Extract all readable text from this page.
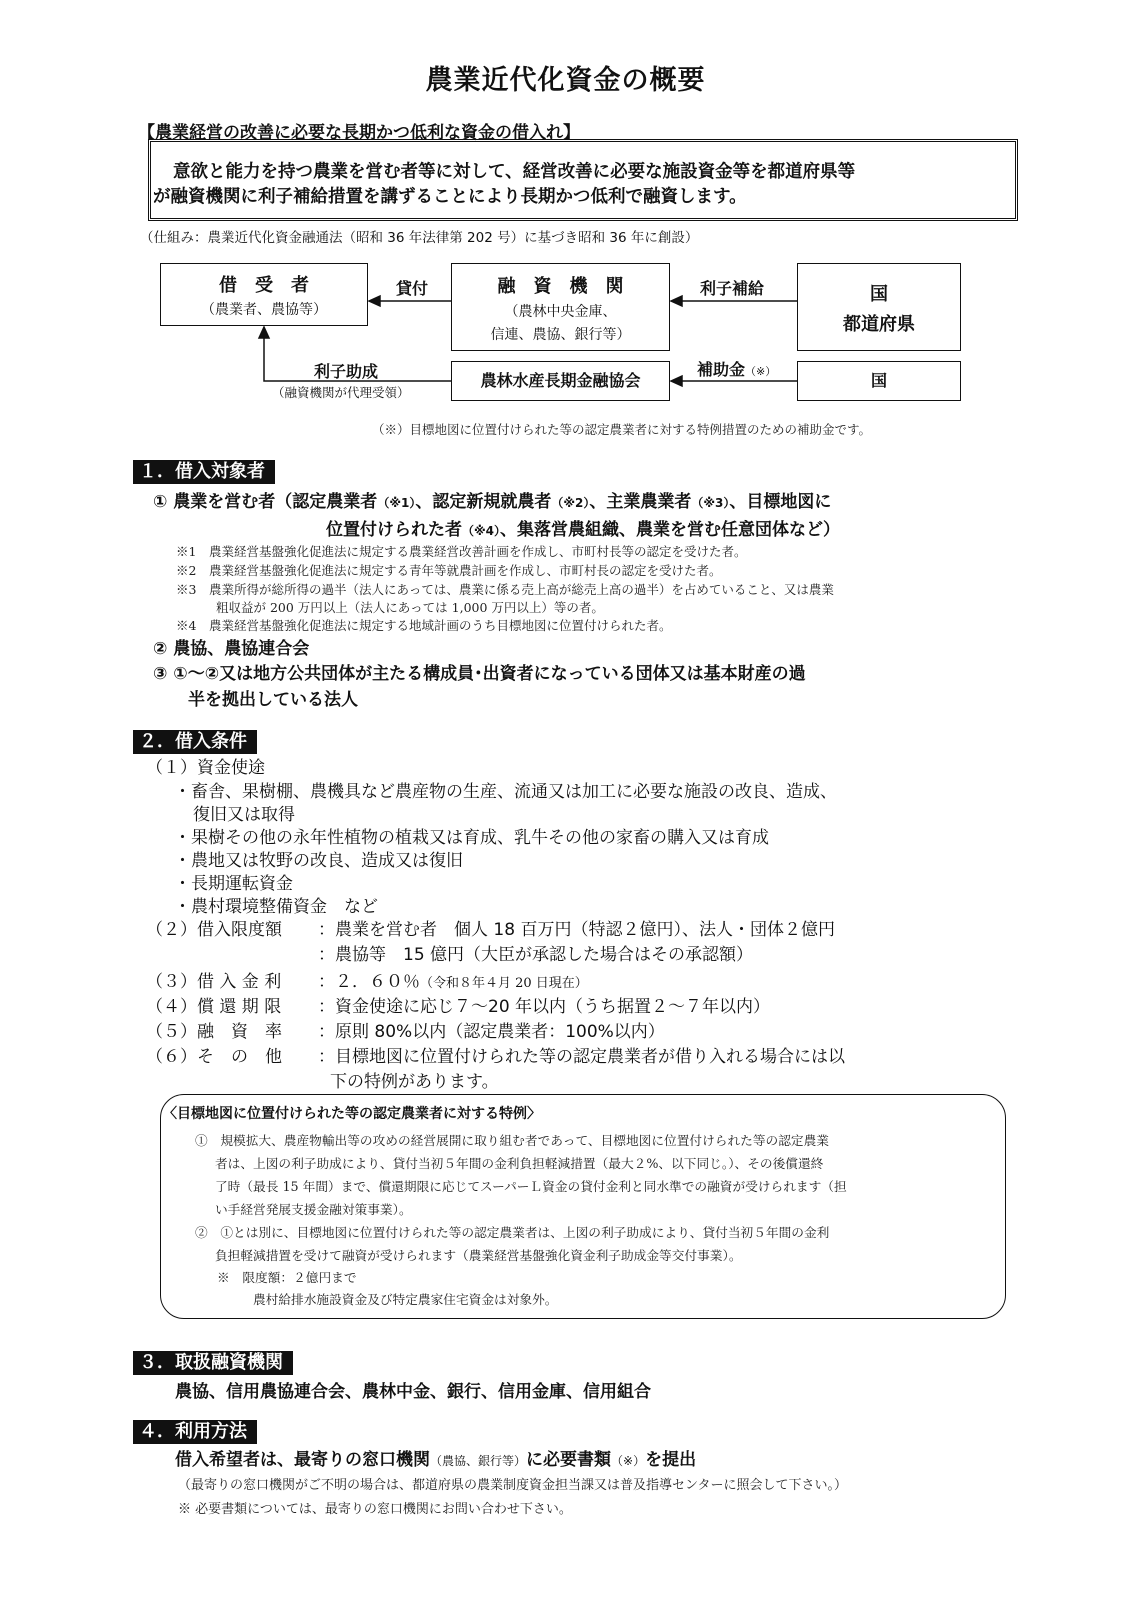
農業近代化資金の概要
【農業経営の改善に必要な長期かつ低利な資金の借入れ】
意欲と能力を持つ農業を営む者等に対して、経営改善に必要な施設資金等を都道府県等
が融資機関に利子補給措置を講ずることにより長期かつ低利で融資します。
（仕組み：農業近代化資金融通法（昭和 36 年法律第 202 号）に基づき昭和 36 年に創設）
借　受　者
（農業者、農協等）
融　資　機　関
（農林中央金庫、
信連、農協、銀行等）
国
都道府県
農林水産長期金融協会	国
貸付	利子補給
補助金（※）
利子助成
（融資機関が代理受領）
（※）目標地図に位置付けられた等の認定農業者に対する特例措置のための補助金です。
１．借入対象者
① 農業を営む者（認定農業者（※1）、認定新規就農者（※2）、主業農業者（※3）、目標地図に
位置付けられた者（※4）、集落営農組織、農業を営む任意団体など）
※1　農業経営基盤強化促進法に規定する農業経営改善計画を作成し、市町村長等の認定を受けた者。
※2　農業経営基盤強化促進法に規定する青年等就農計画を作成し、市町村長の認定を受けた者。
※3　農業所得が総所得の過半（法人にあっては、農業に係る売上高が総売上高の過半）を占めていること、又は農業
粗収益が 200 万円以上（法人にあっては 1,000 万円以上）等の者。
※4　農業経営基盤強化促進法に規定する地域計画のうち目標地図に位置付けられた者。
② 農協、農協連合会
③ ①～②又は地方公共団体が主たる構成員･出資者になっている団体又は基本財産の過
半を拠出している法人
２．借入条件
（１）資金使途
・畜舎、果樹棚、農機具など農産物の生産、流通又は加工に必要な施設の改良、造成、
復旧又は取得
・果樹その他の永年性植物の植栽又は育成、乳牛その他の家畜の購入又は育成
・農地又は牧野の改良、造成又は復旧
・長期運転資金
・農村環境整備資金　など
（２）借入限度額 ：農業を営む者　個人 18 百万円（特認２億円）、法人・団体２億円
：農協等　15 億円（大臣が承認した場合はその承認額）
（３）借 入 金 利 ：２．６０％（令和８年４月 20 日現在）
（４）償 還 期 限 ：資金使途に応じ７～20 年以内（うち据置２～７年以内）
（５）融　資　率 ：原則 80%以内（認定農業者：100%以内）
（６）そ　の　他 ：目標地図に位置付けられた等の認定農業者が借り入れる場合には以
下の特例があります。
〈目標地図に位置付けられた等の認定農業者に対する特例〉
①　規模拡大、農産物輸出等の攻めの経営展開に取り組む者であって、目標地図に位置付けられた等の認定農業
者は、上図の利子助成により、貸付当初５年間の金利負担軽減措置（最大２%、以下同じ。）、その後償還終
了時（最長 15 年間）まで、償還期限に応じてスーパーＬ資金の貸付金利と同水準での融資が受けられます（担
い手経営発展支援金融対策事業）。
②　①とは別に、目標地図に位置付けられた等の認定農業者は、上図の利子助成により、貸付当初５年間の金利
負担軽減措置を受けて融資が受けられます（農業経営基盤強化資金利子助成金等交付事業）。
※　限度額：２億円まで
農村給排水施設資金及び特定農家住宅資金は対象外。
３．取扱融資機関
農協、信用農協連合会、農林中金、銀行、信用金庫、信用組合
４．利用方法
借入希望者は、最寄りの窓口機関（農協、銀行等）に必要書類（※）を提出
（最寄りの窓口機関がご不明の場合は、都道府県の農業制度資金担当課又は普及指導センターに照会して下さい。）
※ 必要書類については、最寄りの窓口機関にお問い合わせ下さい。
